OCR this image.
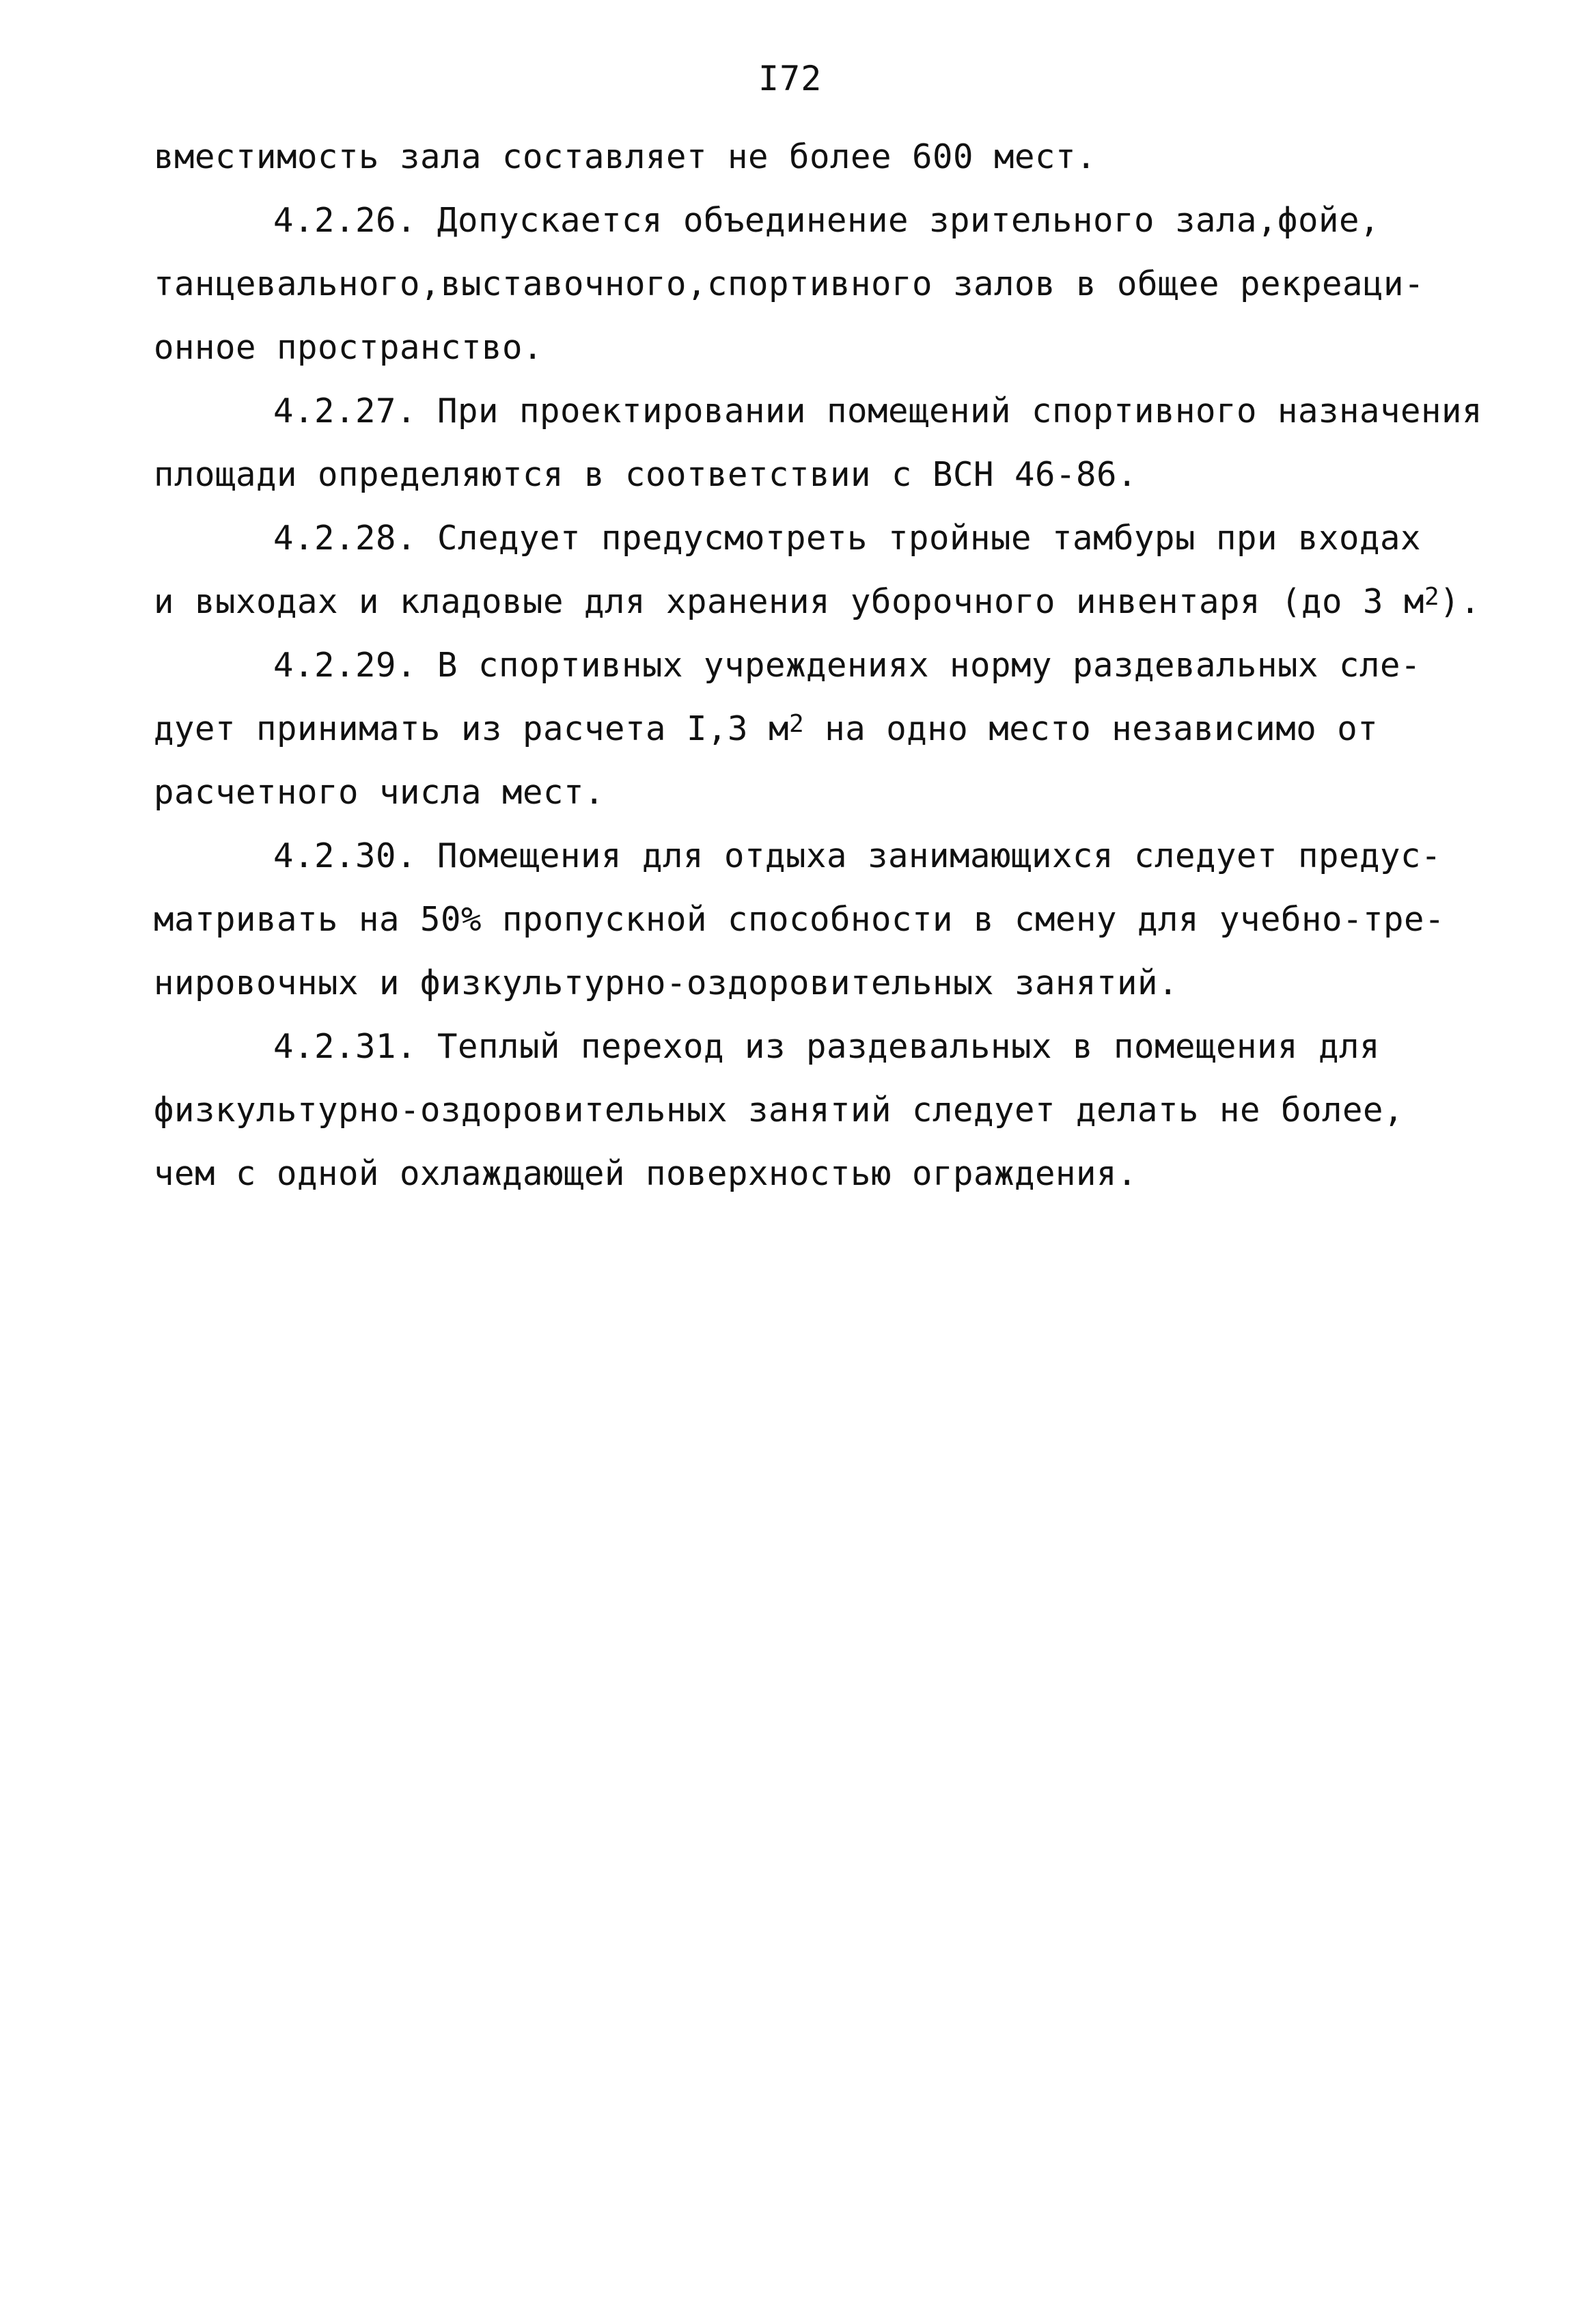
I72
вместимость зала составляет не более 600 мест.
4.2.26. Допускается объединение зрительного зала,фойе,
танцевального,выставочного,спортивного залов в общее рекреаци-
онное пространство.
4.2.27. При проектировании помещений спортивного назначения
площади определяются в соответствии с ВСН 46-86.
4.2.28. Следует предусмотреть тройные тамбуры при входах
и выходах и кладовые для хранения уборочного инвентаря (до 3 $м^2$).
4.2.29. В спортивных учреждениях норму раздевальных сле-
дует принимать из расчета I,3 $м^2$ на одно место независимо от
расчетного числа мест.
4.2.30. Помещения для отдыха занимающихся следует предус-
матривать на 50% пропускной способности в смену для учебно-тре-
нировочных и физкультурно-оздоровительных занятий.
4.2.31. Теплый переход из раздевальных в помещения для
физкультурно-оздоровительных занятий следует делать не более,
чем с одной охлаждающей поверхностью ограждения.
